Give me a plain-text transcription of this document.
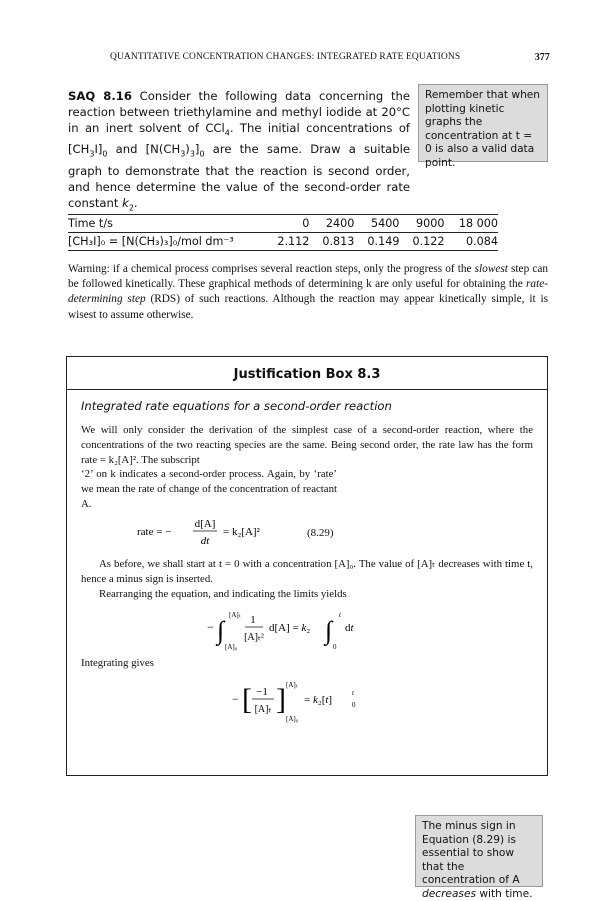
QUANTITATIVE CONCENTRATION CHANGES: INTEGRATED RATE EQUATIONS	377
SAQ 8.16 Consider the following data concerning the reaction between triethylamine and methyl iodide at 20°C in an inert solvent of CCl$_4$. The initial concentrations of $[CH_3I]_0$ and $[N(CH_3)_3]_0$ are the same. Draw a suitable graph to demonstrate that the reaction is second order, and hence determine the value of the second-order rate constant $k_2$.
Remember that when plotting kinetic graphs the concentration at t = 0 is also a valid data point.
Time t/s	0	2400	5400	9000	18 000
[CH₃I]₀ = [N(CH₃)₃]₀/mol dm⁻³	2.112	0.813	0.149	0.122	0.084
Warning: if a chemical process comprises several reaction steps, only the progress of the slowest step can be followed kinetically. These graphical methods of determining k are only useful for obtaining the rate-determining step (RDS) of such reactions. Although the reaction may appear kinetically simple, it is wisest to assume otherwise.
Justification Box 8.3
Integrated rate equations for a second-order reaction
We will only consider the derivation of the simplest case of a second-order reaction, where the concentrations of the two reacting species are the same. Being second order, the rate law has the form rate = k₂[A]². The subscript
‘2’ on k indicates a second-order process. Again, by ‘rate’ we mean the rate of change of the concentration of reactant A.
rate = −
d[A]
dt
= k₂[A]²	(8.29)
The minus sign in Equation (8.29) is essential to show that the concentration of A decreases with time.
As before, we shall start at t = 0 with a concentration [A]₀. The value of [A]ₜ decreases with time t, hence a minus sign is inserted.
Rearranging the equation, and indicating the limits yields
− ∫
[A]ₜ
[A]₀
1
[A]ₜ²
d[A] = k₂ ∫
t
0
dt
Integrating gives
− [ −1
[A]ₜ ] [A]ₜ
[A]₀
= k₂[t]
t
0
